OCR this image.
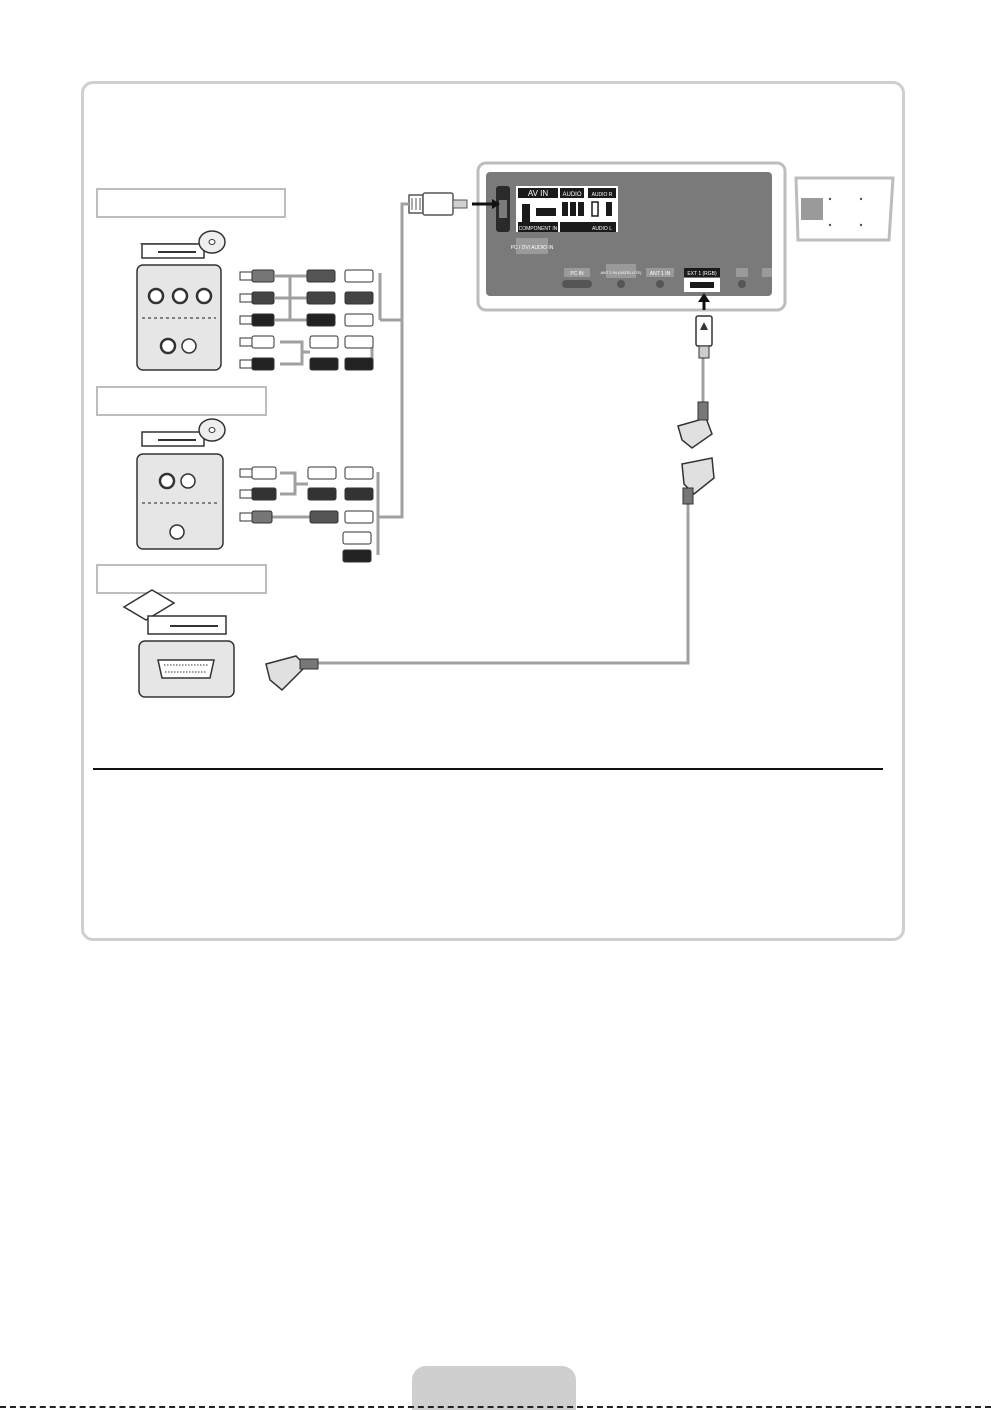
AV IN AUDIO AUDIO R
COMPONENT IN	AUDIO L
PC / DVI AUDIO IN
PC IN	ANT 2 IN (SATELLITE) ANT 1 IN	EXT 1 (RGB)
